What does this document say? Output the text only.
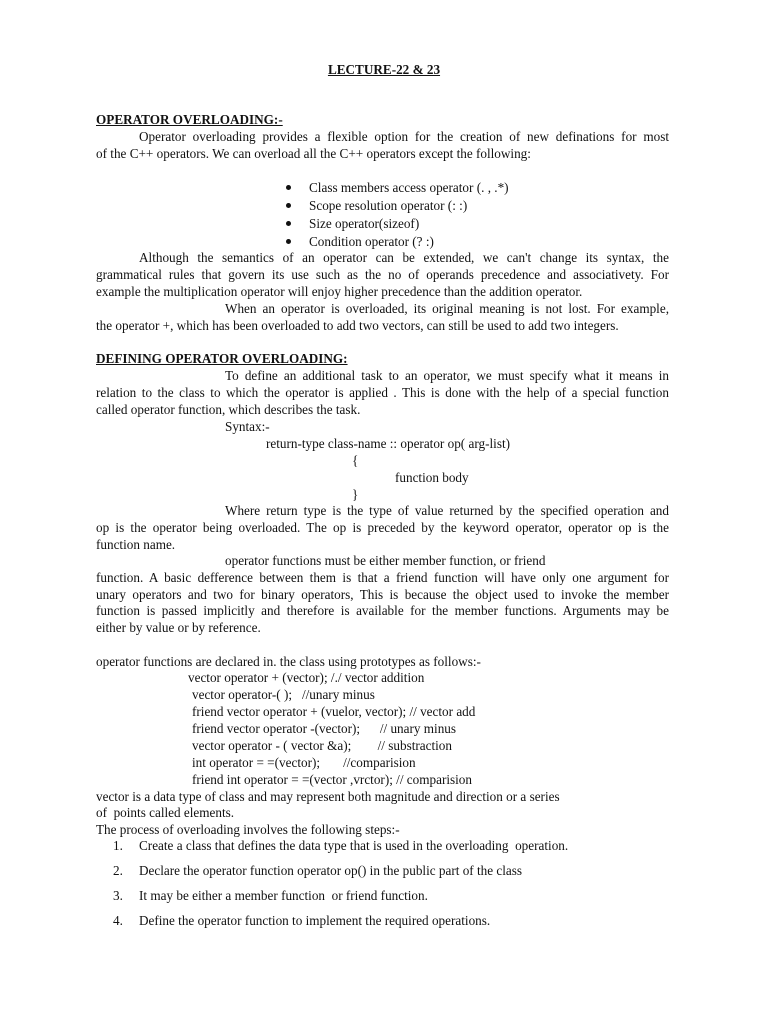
LECTURE-22 & 23
OPERATOR OVERLOADING:-
Operator overloading provides a flexible option for the creation of new definations for most
of the C++ operators. We can overload all the C++ operators except the following:
Class members access operator (. , .*)
Scope resolution operator (: :)
Size operator(sizeof)
Condition operator (? :)
Although the semantics of an operator can be extended, we can't change its syntax, the
grammatical rules that govern its use such as the no of operands precedence and associativety. For
example the multiplication operator will enjoy higher precedence than the addition operator.
When an operator is overloaded, its original meaning is not lost. For example,
the operator +, which has been overloaded to add two vectors, can still be used to add two integers.
DEFINING OPERATOR OVERLOADING:
To define an additional task to an operator, we must specify what it means in
relation to the class to which the operator is applied . This is done with the help of a special function
called operator function, which describes the task.
Syntax:-
return-type class-name :: operator op( arg-list)
{
function body
}
Where return type is the type of value returned by the specified operation and
op is the operator being overloaded. The op is preceded by the keyword operator, operator op is the
function name.
operator functions must be either member function, or friend
function. A basic defference between them is that a friend function will have only one argument for
unary operators and two for binary operators, This is because the object used to invoke the member
function is passed implicitly and therefore is available for the member functions. Arguments may be
either by value or by reference.
operator functions are declared in. the class using prototypes as follows:-
vector operator + (vector); /./ vector addition
vector operator-( );   //unary minus
friend vector operator + (vuelor, vector); // vector add
friend vector operator -(vector);      // unary minus
vector operator - ( vector &a);        // substraction
int operator = =(vector);       //comparision
friend int operator = =(vector ,vrctor); // comparision
vector is a data type of class and may represent both magnitude and direction or a series
of  points called elements.
The process of overloading involves the following steps:-
1.	Create a class that defines the data type that is used in the overloading  operation.
2.	Declare the operator function operator op() in the public part of the class
3.	It may be either a member function  or friend function.
4.	Define the operator function to implement the required operations.
